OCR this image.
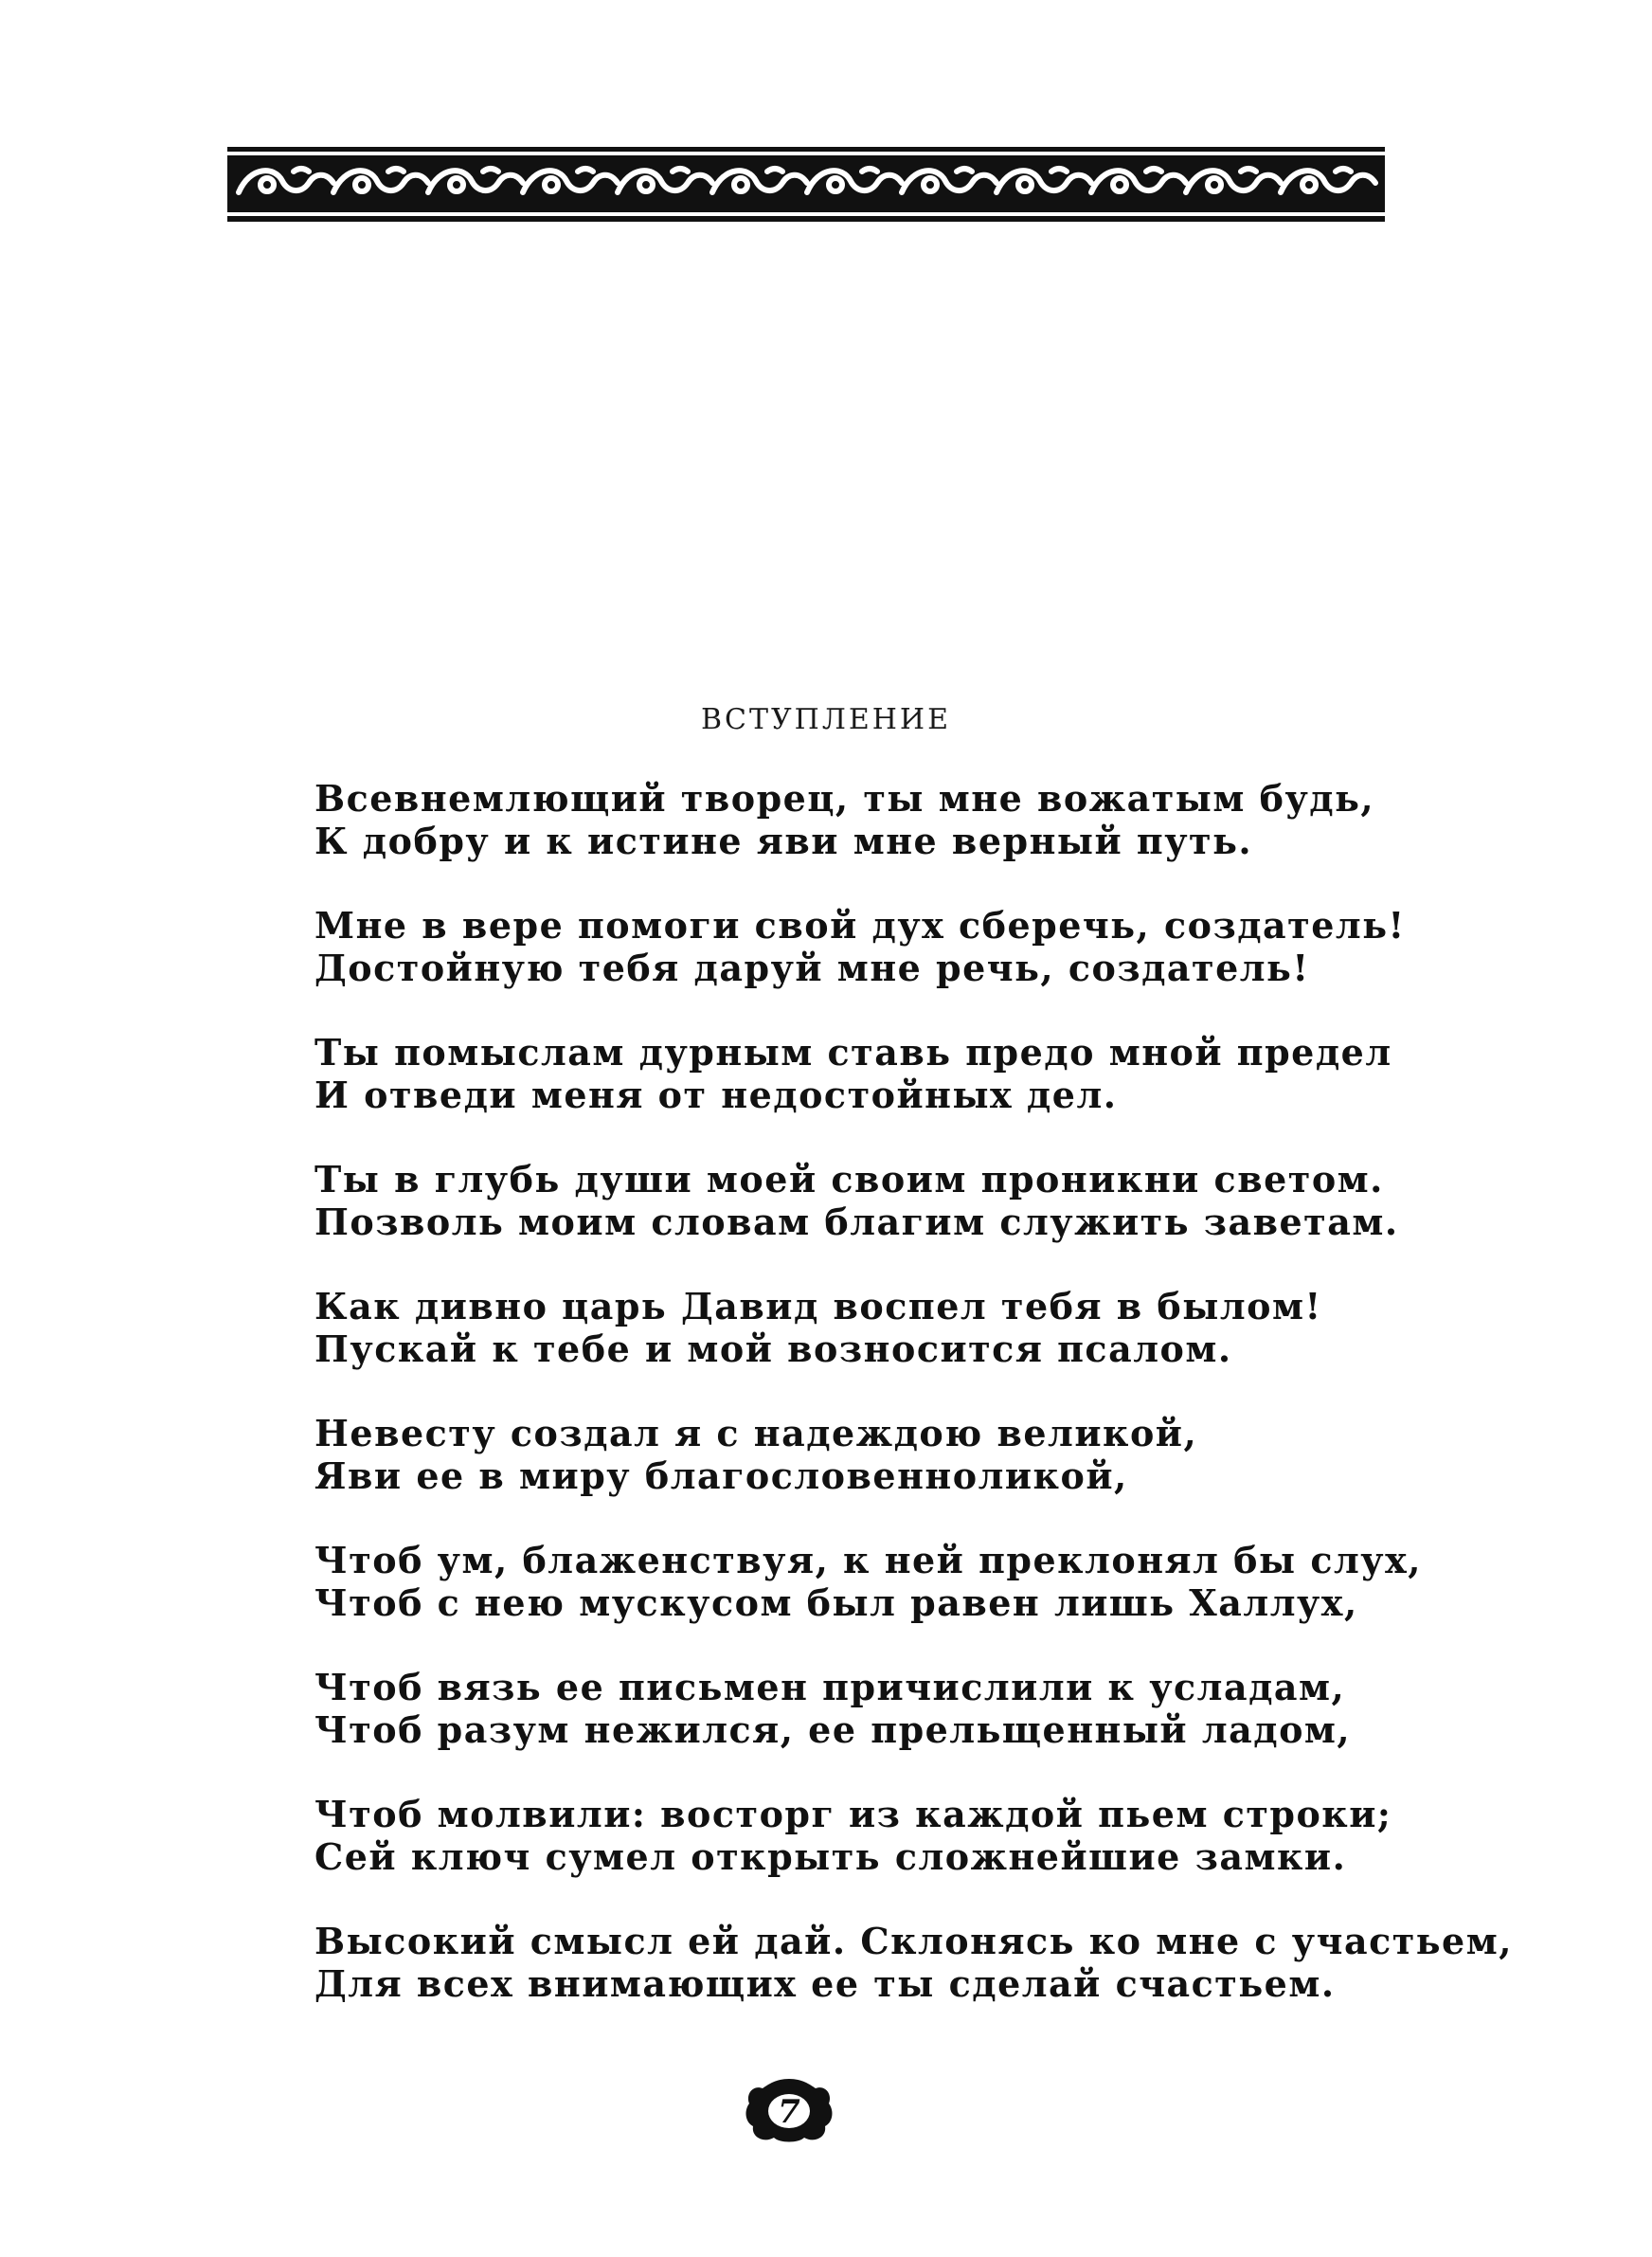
ВСТУПЛЕНИЕ
Всевнемлющий творец, ты мне вожатым будь,
К добру и к истине яви мне верный путь.
Мне в вере помоги свой дух сберечь, создатель!
Достойную тебя даруй мне речь, создатель!
Ты помыслам дурным ставь предо мной предел
И отведи меня от недостойных дел.
Ты в глубь души моей своим проникни светом.
Позволь моим словам благим служить заветам.
Как дивно царь Давид воспел тебя в былом!
Пускай к тебе и мой возносится псалом.
Невесту создал я с надеждою великой,
Яви ее в миру благословенноликой,
Чтоб ум, блаженствуя, к ней преклонял бы слух,
Чтоб с нею мускусом был равен лишь Халлух,
Чтоб вязь ее письмен причислили к усладам,
Чтоб разум нежился, ее прельщенный ладом,
Чтоб молвили: восторг из каждой пьем строки;
Сей ключ сумел открыть сложнейшие замки.
Высокий смысл ей дай. Склонясь ко мне с участьем,
Для всех внимающих ее ты сделай счастьем.
7
